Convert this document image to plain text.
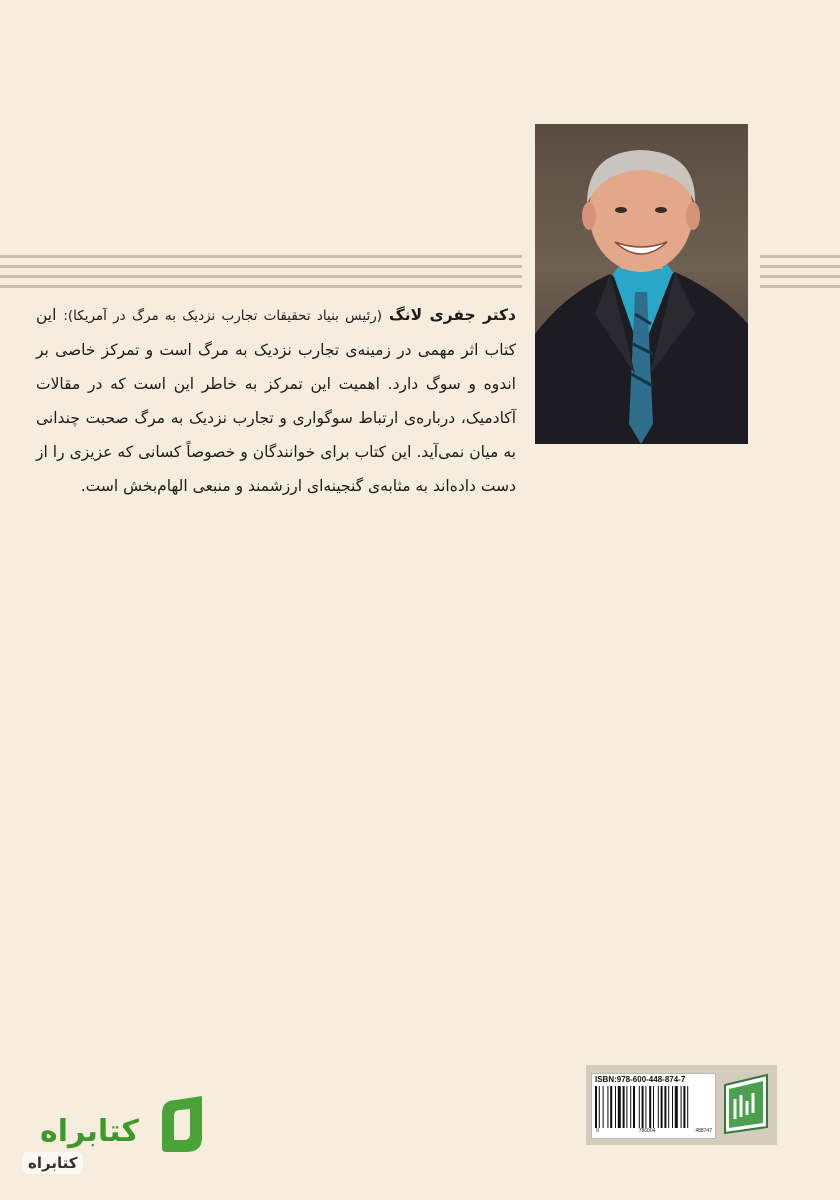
دکتر جفری لانگ (رئیس بنیاد تحقیقات تجارب نزدیک به مرگ در آمریکا): این کتاب اثر مهمی در زمینه‌ی تجارب نزدیک به مرگ است و تمرکز خاصی بر اندوه و سوگ دارد. اهمیت این تمرکز به خاطر این است که در مقالات آکادمیک، درباره‌ی ارتباط سوگواری و تجارب نزدیک به مرگ صحبت چندانی به میان نمی‌آید. این کتاب برای خوانندگان و خصوصاً کسانی که عزیزی را از دست داده‌اند به مثابه‌ی گنجینه‌ای ارزشمند و منبعی الهام‌بخش است.
ISBN:978-600-448-874-7
9	786004	488747
کتابراه
کتابراه
